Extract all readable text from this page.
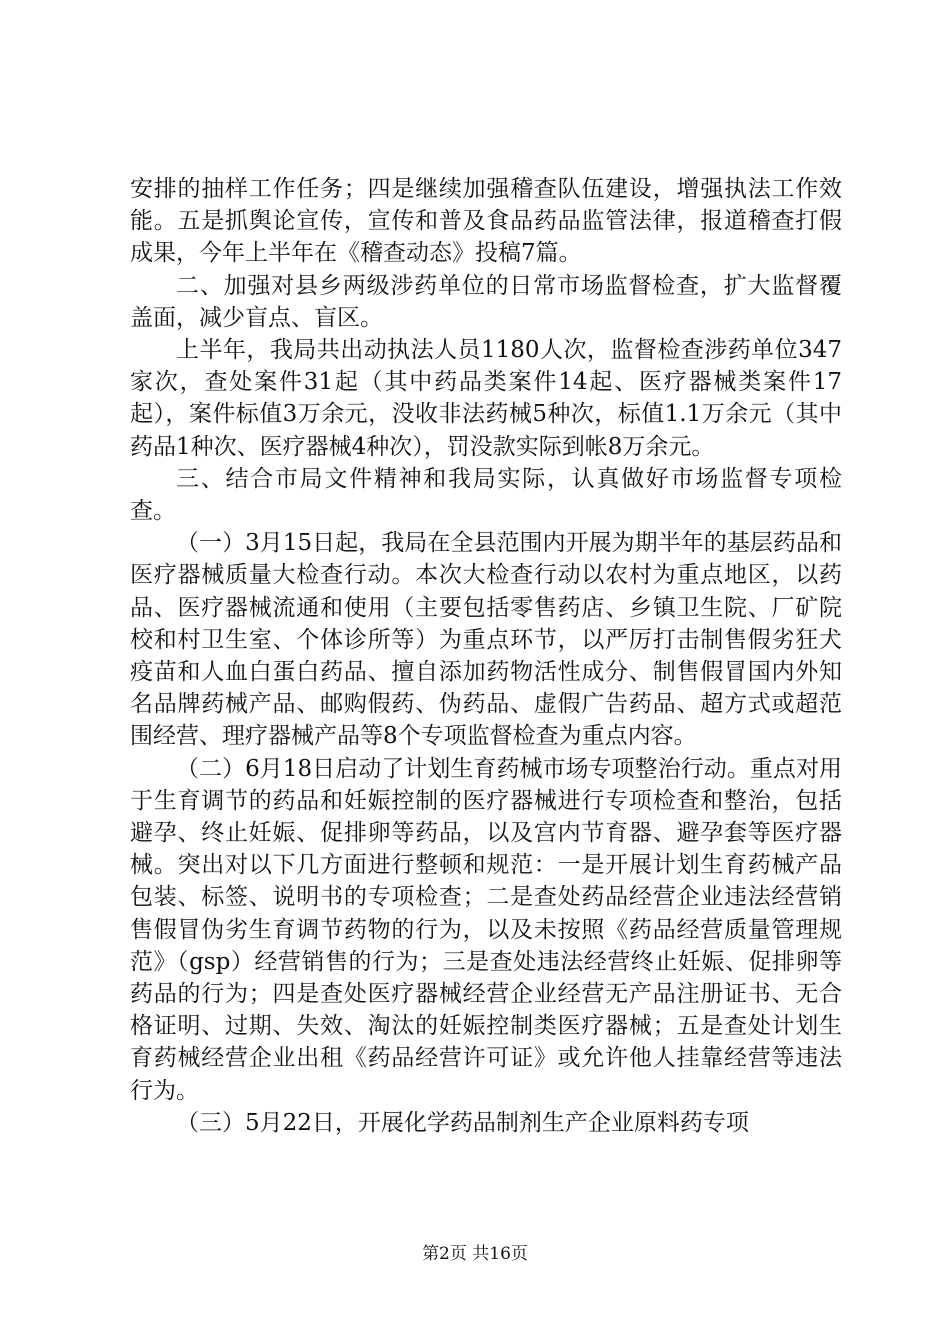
安排的抽样工作任务；四是继续加强稽查队伍建设，增强执法工作效能。五是抓舆论宣传，宣传和普及食品药品监管法律，报道稽查打假成果，今年上半年在《稽查动态》投稿7篇。

二、加强对县乡两级涉药单位的日常市场监督检查，扩大监督覆盖面，减少盲点、盲区。

上半年，我局共出动执法人员1180人次，监督检查涉药单位347家次，查处案件31起（其中药品类案件14起、医疗器械类案件17起），案件标值3万余元，没收非法药械5种次，标值1.1万余元（其中药品1种次、医疗器械4种次），罚没款实际到帐8万余元。

三、结合市局文件精神和我局实际，认真做好市场监督专项检查。

（一）3月15日起，我局在全县范围内开展为期半年的基层药品和医疗器械质量大检查行动。本次大检查行动以农村为重点地区，以药品、医疗器械流通和使用（主要包括零售药店、乡镇卫生院、厂矿院校和村卫生室、个体诊所等）为重点环节，以严厉打击制售假劣狂犬疫苗和人血白蛋白药品、擅自添加药物活性成分、制售假冒国内外知名品牌药械产品、邮购假药、伪药品、虚假广告药品、超方式或超范围经营、理疗器械产品等8个专项监督检查为重点内容。

（二）6月18日启动了计划生育药械市场专项整治行动。重点对用于生育调节的药品和妊娠控制的医疗器械进行专项检查和整治，包括避孕、终止妊娠、促排卵等药品，以及宫内节育器、避孕套等医疗器械。突出对以下几方面进行整顿和规范：一是开展计划生育药械产品包装、标签、说明书的专项检查；二是查处药品经营企业违法经营销售假冒伪劣生育调节药物的行为，以及未按照《药品经营质量管理规范》（gsp）经营销售的行为；三是查处违法经营终止妊娠、促排卵等药品的行为；四是查处医疗器械经营企业经营无产品注册证书、无合格证明、过期、失效、淘汰的妊娠控制类医疗器械；五是查处计划生育药械经营企业出租《药品经营许可证》或允许他人挂靠经营等违法行为。

（三）5月22日，开展化学药品制剂生产企业原料药专项

第2页 共16页
